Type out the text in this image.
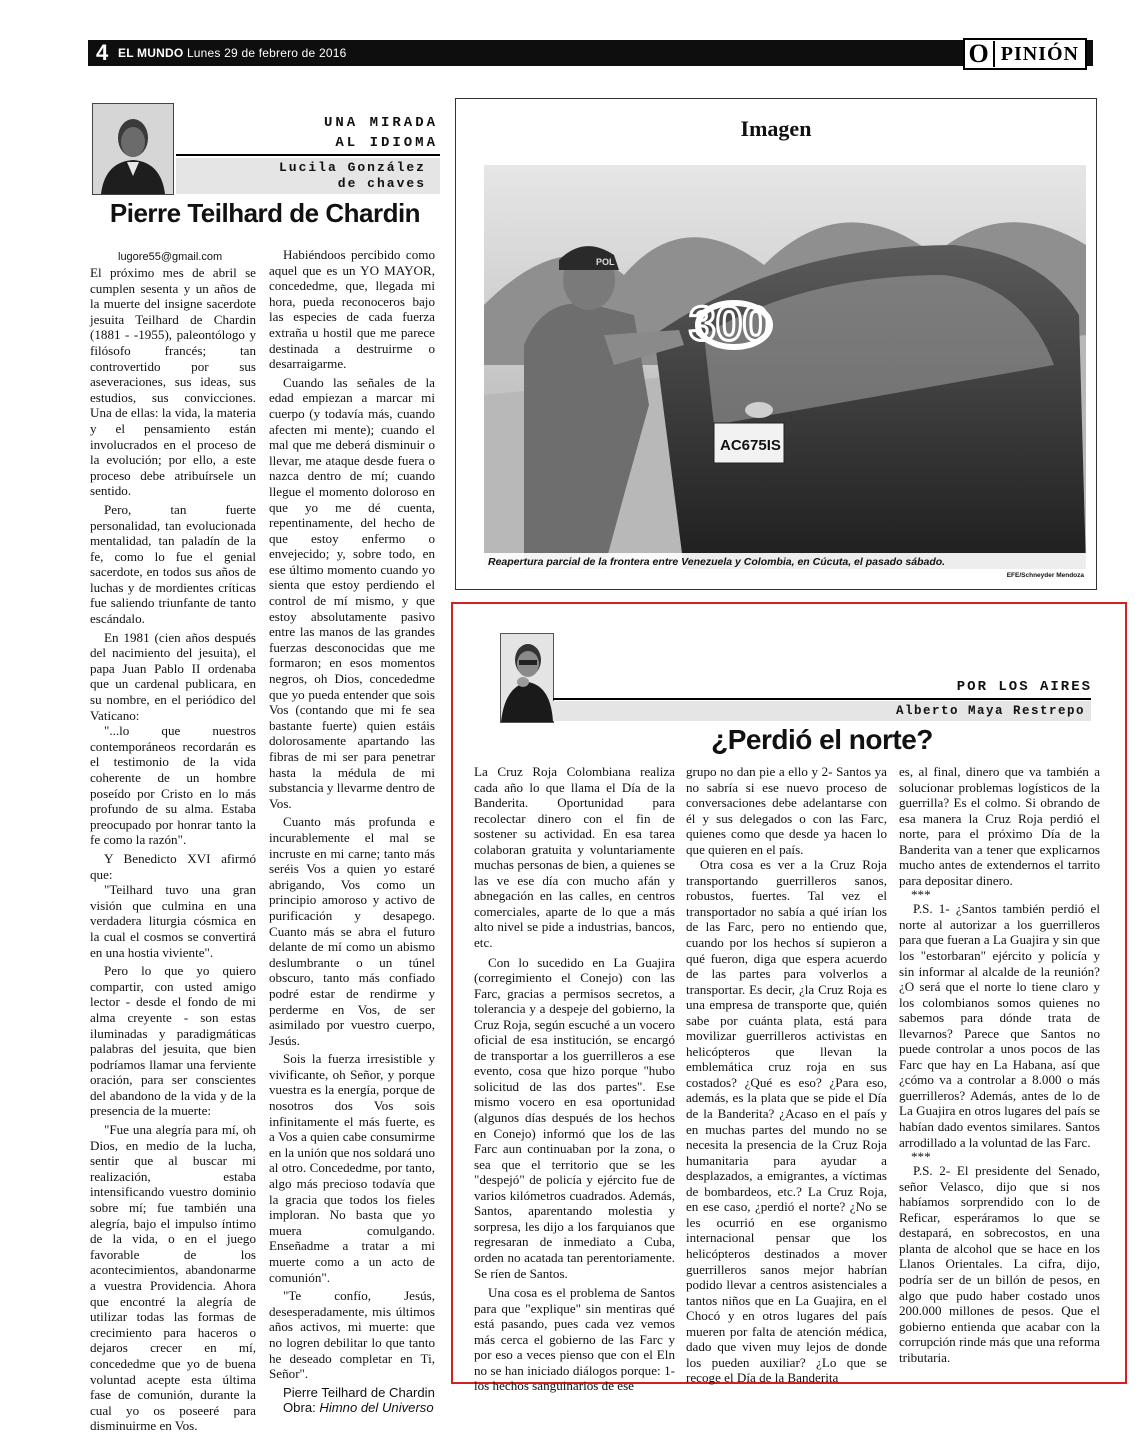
4 EL MUNDO Lunes 29 de febrero de 2016	O PINIÓN
UNA MIRADA
AL IDIOMA
Lucila González
de chaves
Pierre Teilhard de Chardin
lugore55@gmail.com

El próximo mes de abril se cumplen sesenta y un años de la muerte del insigne sacerdote jesuita Teilhard de Chardin (1881 - -1955), paleontólogo y filósofo francés; tan controvertido por sus aseveraciones, sus ideas, sus estudios, sus convicciones. Una de ellas: la vida, la materia y el pensamiento están involucrados en el proceso de la evolución; por ello, a este proceso debe atribuírsele un sentido.

Pero, tan fuerte personalidad, tan evolucionada mentalidad, tan paladín de la fe, como lo fue el genial sacerdote, en todos sus años de luchas y de mordientes críticas fue saliendo triunfante de tanto escándalo.

En 1981 (cien años después del nacimiento del jesuita), el papa Juan Pablo II ordenaba que un cardenal publicara, en su nombre, en el periódico del Vaticano:

"...lo que nuestros contemporáneos recordarán es el testimonio de la vida coherente de un hombre poseído por Cristo en lo más profundo de su alma. Estaba preocupado por honrar tanto la fe como la razón".

Y Benedicto XVI afirmó que:

"Teilhard tuvo una gran visión que culmina en una verdadera liturgia cósmica en la cual el cosmos se convertirá en una hostia viviente".

Pero lo que yo quiero compartir, con usted amigo lector - desde el fondo de mi alma creyente - son estas iluminadas y paradigmáticas palabras del jesuita, que bien podríamos llamar una ferviente oración, para ser conscientes del abandono de la vida y de la presencia de la muerte:

"Fue una alegría para mí, oh Dios, en medio de la lucha, sentir que al buscar mi realización, estaba intensificando vuestro dominio sobre mí; fue también una alegría, bajo el impulso íntimo de la vida, o en el juego favorable de los acontecimientos, abandonarme a vuestra Providencia. Ahora que encontré la alegría de utilizar todas las formas de crecimiento para haceros o dejaros crecer en mí, concededme que yo de buena voluntad acepte esta última fase de comunión, durante la cual yo os poseeré para disminuirme en Vos.

Habiéndoos percibido como aquel que es un YO MAYOR, concededme, que, llegada mi hora, pueda reconoceros bajo las especies de cada fuerza extraña u hostil que me parece destinada a destruirme o desarraigarme.

Cuando las señales de la edad empiezan a marcar mi cuerpo (y todavía más, cuando afecten mi mente); cuando el mal que me deberá disminuir o llevar, me ataque desde fuera o nazca dentro de mí; cuando llegue el momento doloroso en que yo me dé cuenta, repentinamente, del hecho de que estoy enfermo o envejecido; y, sobre todo, en ese último momento cuando yo sienta que estoy perdiendo el control de mí mismo, y que estoy absolutamente pasivo entre las manos de las grandes fuerzas desconocidas que me formaron; en esos momentos negros, oh Dios, concededme que yo pueda entender que sois Vos (contando que mi fe sea bastante fuerte) quien estáis dolorosamente apartando las fibras de mi ser para penetrar hasta la médula de mi substancia y llevarme dentro de Vos.

Cuanto más profunda e incurablemente el mal se incruste en mi carne; tanto más seréis Vos a quien yo estaré abrigando, Vos como un principio amoroso y activo de purificación y desapego. Cuanto más se abra el futuro delante de mí como un abismo deslumbrante o un túnel obscuro, tanto más confiado podré estar de rendirme y perderme en Vos, de ser asimilado por vuestro cuerpo, Jesús.

Sois la fuerza irresistible y vivificante, oh Señor, y porque vuestra es la energía, porque de nosotros dos Vos sois infinitamente el más fuerte, es a Vos a quien cabe consumirme en la unión que nos soldará uno al otro. Concededme, por tanto, algo más precioso todavía que la gracia que todos los fieles imploran. No basta que yo muera comulgando. Enseñadme a tratar a mi muerte como a un acto de comunión".

"Te confío, Jesús, desesperadamente, mis últimos años activos, mi muerte: que no logren debilitar lo que tanto he deseado completar en Ti, Señor".

Pierre Teilhard de Chardin

Obra: Himno del Universo

Imagen
300
AC675IS
POL
Reapertura parcial de la frontera entre Venezuela y Colombia, en Cúcuta, el pasado sábado.
EFE/Schneyder Mendoza
POR LOS AIRES
Alberto Maya Restrepo
¿Perdió el norte?

La Cruz Roja Colombiana realiza cada año lo que llama el Día de la Banderita. Oportunidad para recolectar dinero con el fin de sostener su actividad. En esa tarea colaboran gratuita y voluntariamente muchas personas de bien, a quienes se las ve ese día con mucho afán y abnegación en las calles, en centros comerciales, aparte de lo que a más alto nivel se pide a industrias, bancos, etc.

Con lo sucedido en La Guajira (corregimiento el Conejo) con las Farc, gracias a permisos secretos, a tolerancia y a despeje del gobierno, la Cruz Roja, según escuché a un vocero oficial de esa institución, se encargó de transportar a los guerrilleros a ese evento, cosa que hizo porque "hubo solicitud de las dos partes". Ese mismo vocero en esa oportunidad (algunos días después de los hechos en Conejo) informó que los de las Farc aun continuaban por la zona, o sea que el territorio que se les "despejó" de policía y ejército fue de varios kilómetros cuadrados. Además, Santos, aparentando molestia y sorpresa, les dijo a los farquianos que regresaran de inmediato a Cuba, orden no acatada tan perentoriamente. Se ríen de Santos.

Una cosa es el problema de Santos para que "explique" sin mentiras qué está pasando, pues cada vez vemos más cerca el gobierno de las Farc y por eso a veces pienso que con el Eln no se han iniciado diálogos porque: 1- los hechos sanguinarios de ese

grupo no dan pie a ello y 2- Santos ya no sabría si ese nuevo proceso de conversaciones debe adelantarse con él y sus delegados o con las Farc, quienes como que desde ya hacen lo que quieren en el país.

Otra cosa es ver a la Cruz Roja transportando guerrilleros sanos, robustos, fuertes. Tal vez el transportador no sabía a qué irían los de las Farc, pero no entiendo que, cuando por los hechos sí supieron a qué fueron, diga que espera acuerdo de las partes para volverlos a transportar. Es decir, ¿la Cruz Roja es una empresa de transporte que, quién sabe por cuánta plata, está para movilizar guerrilleros activistas en helicópteros que llevan la emblemática cruz roja en sus costados? ¿Qué es eso? ¿Para eso, además, es la plata que se pide el Día de la Banderita? ¿Acaso en el país y en muchas partes del mundo no se necesita la presencia de la Cruz Roja humanitaria para ayudar a desplazados, a emigrantes, a víctimas de bombardeos, etc.? La Cruz Roja, en ese caso, ¿perdió el norte? ¿No se les ocurrió en ese organismo internacional pensar que los helicópteros destinados a mover guerrilleros sanos mejor habrían podido llevar a centros asistenciales a tantos niños que en La Guajira, en el Chocó y en otros lugares del país mueren por falta de atención médica, dado que viven muy lejos de donde los pueden auxiliar? ¿Lo que se recoge el Día de la Banderita

es, al final, dinero que va también a solucionar problemas logísticos de la guerrilla? Es el colmo. Si obrando de esa manera la Cruz Roja perdió el norte, para el próximo Día de la Banderita van a tener que explicarnos mucho antes de extendernos el tarrito para depositar dinero.

***

P.S. 1- ¿Santos también perdió el norte al autorizar a los guerrilleros para que fueran a La Guajira y sin que los "estorbaran" ejército y policía y sin informar al alcalde de la reunión? ¿O será que el norte lo tiene claro y los colombianos somos quienes no sabemos para dónde trata de llevarnos? Parece que Santos no puede controlar a unos pocos de las Farc que hay en La Habana, así que ¿cómo va a controlar a 8.000 o más guerrilleros? Además, antes de lo de La Guajira en otros lugares del país se habían dado eventos similares. Santos arrodillado a la voluntad de las Farc.

***

P.S. 2- El presidente del Senado, señor Velasco, dijo que si nos habíamos sorprendido con lo de Reficar, esperáramos lo que se destapará, en sobrecostos, en una planta de alcohol que se hace en los Llanos Orientales. La cifra, dijo, podría ser de un billón de pesos, en algo que pudo haber costado unos 200.000 millones de pesos. Que el gobierno entienda que acabar con la corrupción rinde más que una reforma tributaria.
